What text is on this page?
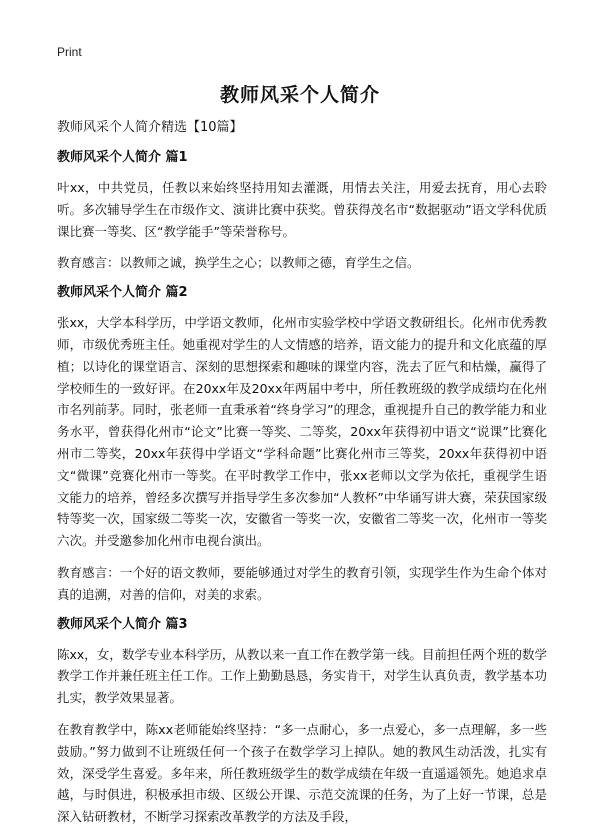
Print
教师风采个人简介
教师风采个人简介精选【10篇】
教师风采个人简介 篇1

叶xx，中共党员，任教以来始终坚持用知去灌溉，用情去关注，用爱去抚育，用心去聆听。多次辅导学生在市级作文、演讲比赛中获奖。曾获得茂名市“数据驱动”语文学科优质课比赛一等奖、区“教学能手”等荣誉称号。

教育感言：以教师之诚，换学生之心；以教师之德，育学生之信。

教师风采个人简介 篇2

张xx，大学本科学历，中学语文教师，化州市实验学校中学语文教研组长。化州市优秀教师，市级优秀班主任。她重视对学生的人文情感的培养，语文能力的提升和文化底蕴的厚植；以诗化的课堂语言、深刻的思想探索和趣味的课堂内容，洗去了匠气和枯燥，赢得了学校师生的一致好评。在20xx年及20xx年两届中考中，所任教班级的教学成绩均在化州市名列前茅。同时，张老师一直秉承着“终身学习”的理念，重视提升自己的教学能力和业务水平，曾获得化州市“论文”比赛一等奖、二等奖，20xx年获得初中语文“说课”比赛化州市二等奖，20xx年获得中学语文“学科命题”比赛化州市三等奖，20xx年获得初中语文“微课”竞赛化州市一等奖。在平时教学工作中，张xx老师以文学为依托，重视学生语文能力的培养，曾经多次撰写并指导学生多次参加“人教杯”中华诵写讲大赛，荣获国家级特等奖一次，国家级二等奖一次，安徽省一等奖一次，安徽省二等奖一次，化州市一等奖六次。并受邀参加化州市电视台演出。

教育感言：一个好的语文教师，要能够通过对学生的教育引领，实现学生作为生命个体对真的追溯，对善的信仰，对美的求索。

教师风采个人简介 篇3

陈xx，女，数学专业本科学历，从教以来一直工作在教学第一线。目前担任两个班的数学教学工作并兼任班主任工作。工作上勤勤恳恳，务实肯干，对学生认真负责，教学基本功扎实，教学效果显著。

在教育教学中，陈xx老师能始终坚持：“多一点耐心，多一点爱心，多一点理解，多一些鼓励。”努力做到不让班级任何一个孩子在数学学习上掉队。她的教风生动活泼，扎实有效，深受学生喜爱。多年来，所任教班级学生的数学成绩在年级一直遥遥领先。她追求卓越，与时俱进，积极承担市级、区级公开课、示范交流课的任务，为了上好一节课，总是深入钻研教材，不断学习探索改革教学的方法及手段，
